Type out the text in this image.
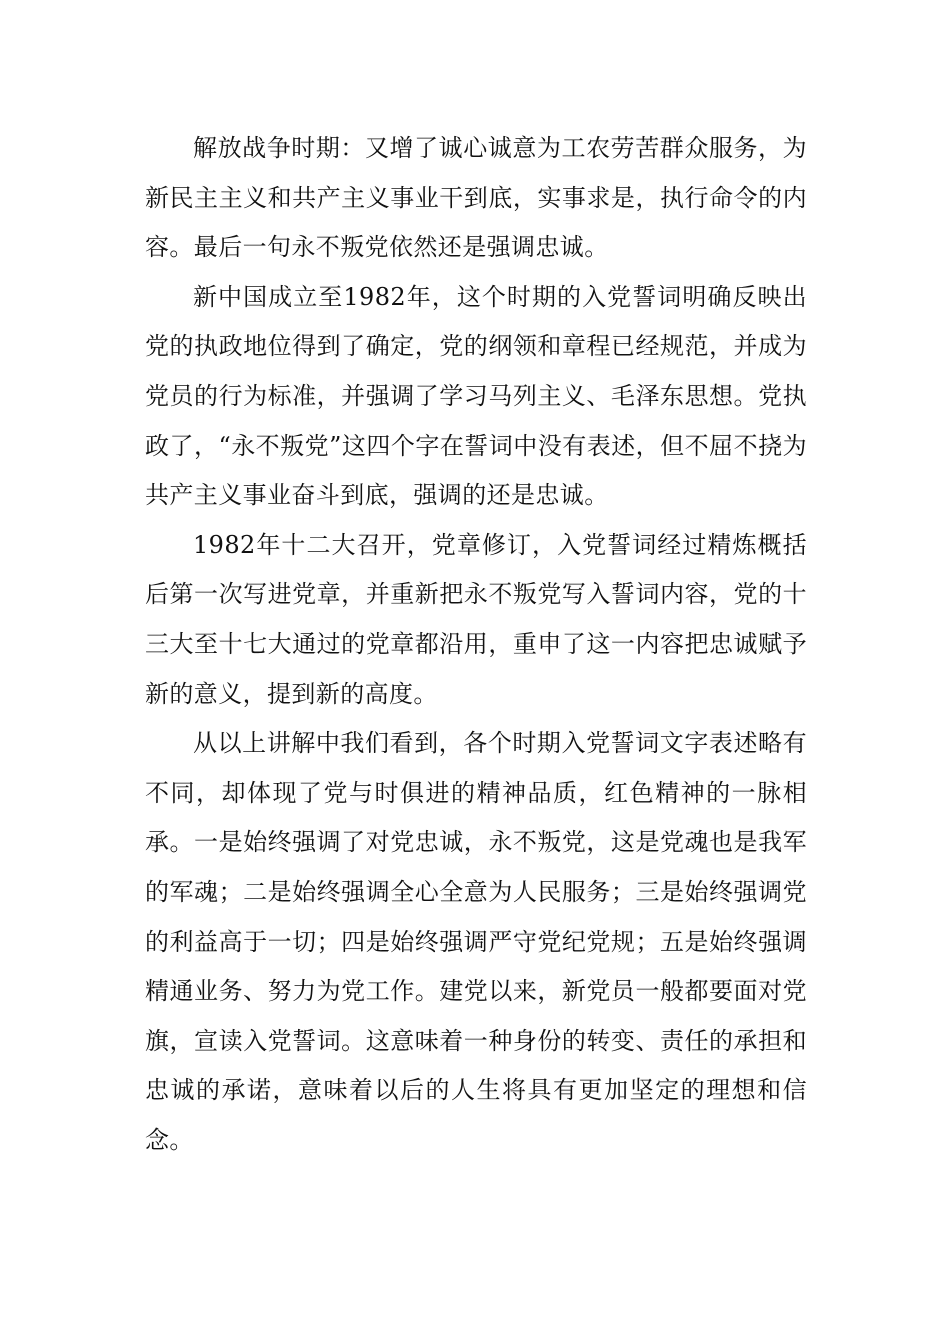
解放战争时期：又增了诚心诚意为工农劳苦群众服务，为新民主主义和共产主义事业干到底，实事求是，执行命令的内容。最后一句永不叛党依然还是强调忠诚。

新中国成立至1982年，这个时期的入党誓词明确反映出党的执政地位得到了确定，党的纲领和章程已经规范，并成为党员的行为标准，并强调了学习马列主义、毛泽东思想。党执政了，“永不叛党”这四个字在誓词中没有表述，但不屈不挠为共产主义事业奋斗到底，强调的还是忠诚。

1982年十二大召开，党章修订，入党誓词经过精炼概括后第一次写进党章，并重新把永不叛党写入誓词内容，党的十三大至十七大通过的党章都沿用，重申了这一内容把忠诚赋予新的意义，提到新的高度。

从以上讲解中我们看到，各个时期入党誓词文字表述略有不同，却体现了党与时俱进的精神品质，红色精神的一脉相承。一是始终强调了对党忠诚，永不叛党，这是党魂也是我军的军魂；二是始终强调全心全意为人民服务；三是始终强调党的利益高于一切；四是始终强调严守党纪党规；五是始终强调精通业务、努力为党工作。建党以来，新党员一般都要面对党旗，宣读入党誓词。这意味着一种身份的转变、责任的承担和忠诚的承诺，意味着以后的人生将具有更加坚定的理想和信念。
